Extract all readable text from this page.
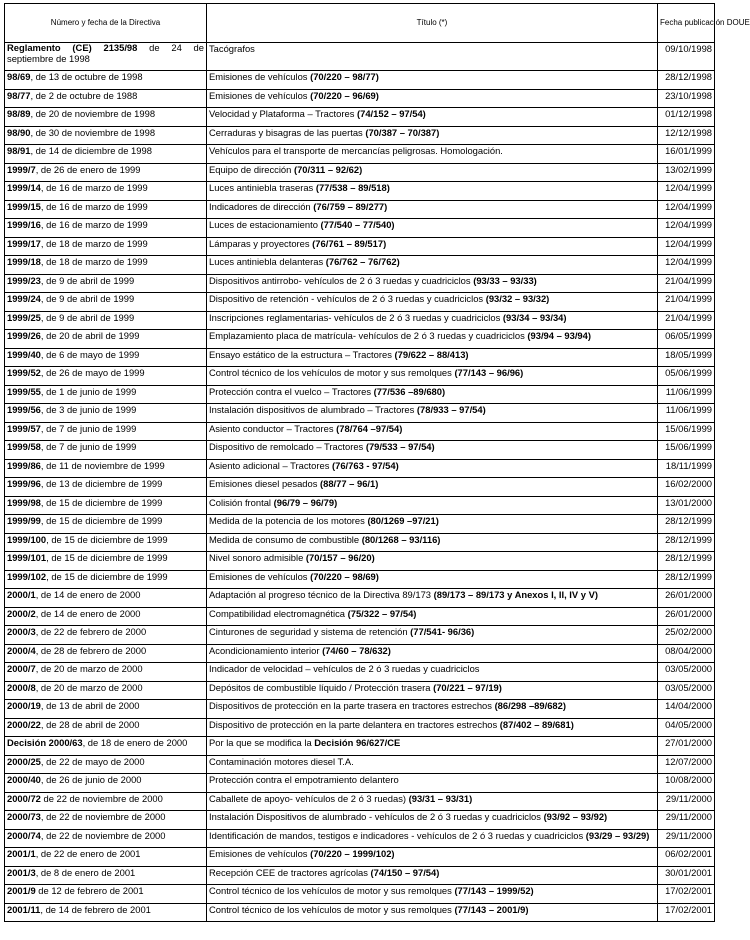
Número y fecha de la Directiva	Título (*)	Fecha publicación DOUE
Reglamento (CE) 2135/98 de 24 de septiembre de 1998	Tacógrafos	09/10/1998
98/69, de 13 de octubre de 1998	Emisiones de vehículos (70/220 – 98/77)	28/12/1998
98/77, de 2 de octubre de 1988	Emisiones de vehículos (70/220 – 96/69)	23/10/1998
98/89, de 20 de noviembre de 1998	Velocidad y Plataforma – Tractores (74/152 – 97/54)	01/12/1998
98/90, de 30 de noviembre de 1998	Cerraduras y bisagras de las puertas (70/387 – 70/387)	12/12/1998
98/91, de 14 de diciembre de 1998	Vehículos para el transporte de mercancías peligrosas. Homologación.	16/01/1999
1999/7, de 26 de enero de 1999	Equipo de dirección (70/311 – 92/62)	13/02/1999
1999/14, de 16 de marzo de 1999	Luces antiniebla traseras (77/538 – 89/518)	12/04/1999
1999/15, de 16 de marzo de 1999	Indicadores de dirección (76/759 – 89/277)	12/04/1999
1999/16, de 16 de marzo de 1999	Luces de estacionamiento (77/540 – 77/540)	12/04/1999
1999/17, de 18 de marzo de 1999	Lámparas y proyectores (76/761 – 89/517)	12/04/1999
1999/18, de 18 de marzo de 1999	Luces antiniebla delanteras (76/762 – 76/762)	12/04/1999
1999/23, de 9 de abril de 1999	Dispositivos antirrobo- vehículos de 2 ó 3 ruedas y cuadriciclos (93/33 – 93/33)	21/04/1999
1999/24, de 9 de abril de 1999	Dispositivo de retención - vehículos de 2 ó 3 ruedas y cuadriciclos (93/32 – 93/32)	21/04/1999
1999/25, de 9 de abril de 1999	Inscripciones reglamentarias- vehículos de 2 ó 3 ruedas y cuadriciclos (93/34 – 93/34)	21/04/1999
1999/26, de 20 de abril de 1999	Emplazamiento placa de matrícula- vehículos de 2 ó 3 ruedas y cuadriciclos (93/94 – 93/94)	06/05/1999
1999/40, de 6 de mayo de 1999	Ensayo estático de la estructura – Tractores (79/622 – 88/413)	18/05/1999
1999/52, de 26 de mayo de 1999	Control técnico de los vehículos de motor y sus remolques (77/143 – 96/96)	05/06/1999
1999/55, de 1 de junio de 1999	Protección contra el vuelco – Tractores (77/536 –89/680)	11/06/1999
1999/56, de 3 de junio de 1999	Instalación dispositivos de alumbrado – Tractores (78/933 – 97/54)	11/06/1999
1999/57, de 7 de junio de 1999	Asiento conductor – Tractores (78/764 –97/54)	15/06/1999
1999/58, de 7 de junio de 1999	Dispositivo de remolcado – Tractores (79/533 – 97/54)	15/06/1999
1999/86, de 11 de noviembre de 1999	Asiento adicional – Tractores (76/763 - 97/54)	18/11/1999
1999/96, de 13 de diciembre de 1999	Emisiones diesel pesados (88/77 – 96/1)	16/02/2000
1999/98, de 15 de diciembre de 1999	Colisión frontal (96/79 – 96/79)	13/01/2000
1999/99, de 15 de diciembre de 1999	Medida de la potencia de los motores (80/1269 –97/21)	28/12/1999
1999/100, de 15 de diciembre de 1999	Medida de consumo de combustible (80/1268 – 93/116)	28/12/1999
1999/101, de 15 de diciembre de 1999	Nivel sonoro admisible (70/157 – 96/20)	28/12/1999
1999/102, de 15 de diciembre de 1999	Emisiones de vehículos (70/220 – 98/69)	28/12/1999
2000/1, de 14 de enero de 2000	Adaptación al progreso técnico de la Directiva 89/173 (89/173 – 89/173 y Anexos I, II, IV y V)	26/01/2000
2000/2, de 14 de enero de 2000	Compatibilidad electromagnética (75/322 – 97/54)	26/01/2000
2000/3, de 22 de febrero de 2000	Cinturones de seguridad y sistema de retención (77/541- 96/36)	25/02/2000
2000/4, de 28 de febrero de 2000	Acondicionamiento interior (74/60 – 78/632)	08/04/2000
2000/7, de 20 de marzo de 2000	Indicador de velocidad – vehículos de 2 ó 3 ruedas y cuadriciclos	03/05/2000
2000/8, de 20 de marzo de 2000	Depósitos de combustible líquido / Protección trasera (70/221 – 97/19)	03/05/2000
2000/19, de 13 de abril de 2000	Dispositivos de protección en la parte trasera en tractores estrechos (86/298 –89/682)	14/04/2000
2000/22, de 28 de abril de 2000	Dispositivo de protección en la parte delantera en tractores estrechos (87/402 – 89/681)	04/05/2000
Decisión 2000/63, de 18 de enero de 2000	Por la que se modifica la Decisión 96/627/CE	27/01/2000
2000/25, de 22 de mayo de 2000	Contaminación motores diesel T.A.	12/07/2000
2000/40, de 26 de junio de 2000	Protección contra el empotramiento delantero	10/08/2000
2000/72 de 22 de noviembre de 2000	Caballete de apoyo- vehículos de 2 ó 3 ruedas) (93/31 – 93/31)	29/11/2000
2000/73, de 22 de noviembre de 2000	Instalación Dispositivos de alumbrado - vehículos de 2 ó 3 ruedas y cuadriciclos (93/92 – 93/92)	29/11/2000
2000/74, de 22 de noviembre de 2000	Identificación de mandos, testigos e indicadores - vehículos de 2 ó 3 ruedas y cuadriciclos (93/29 – 93/29)	29/11/2000
2001/1, de 22 de enero de 2001	Emisiones de vehículos (70/220 – 1999/102)	06/02/2001
2001/3, de 8 de enero de 2001	Recepción CEE de tractores agrícolas (74/150 – 97/54)	30/01/2001
2001/9 de 12 de febrero de 2001	Control técnico de los vehículos de motor y sus remolques (77/143 – 1999/52)	17/02/2001
2001/11, de 14 de febrero de 2001	Control técnico de los vehículos de motor y sus remolques (77/143 – 2001/9)	17/02/2001
